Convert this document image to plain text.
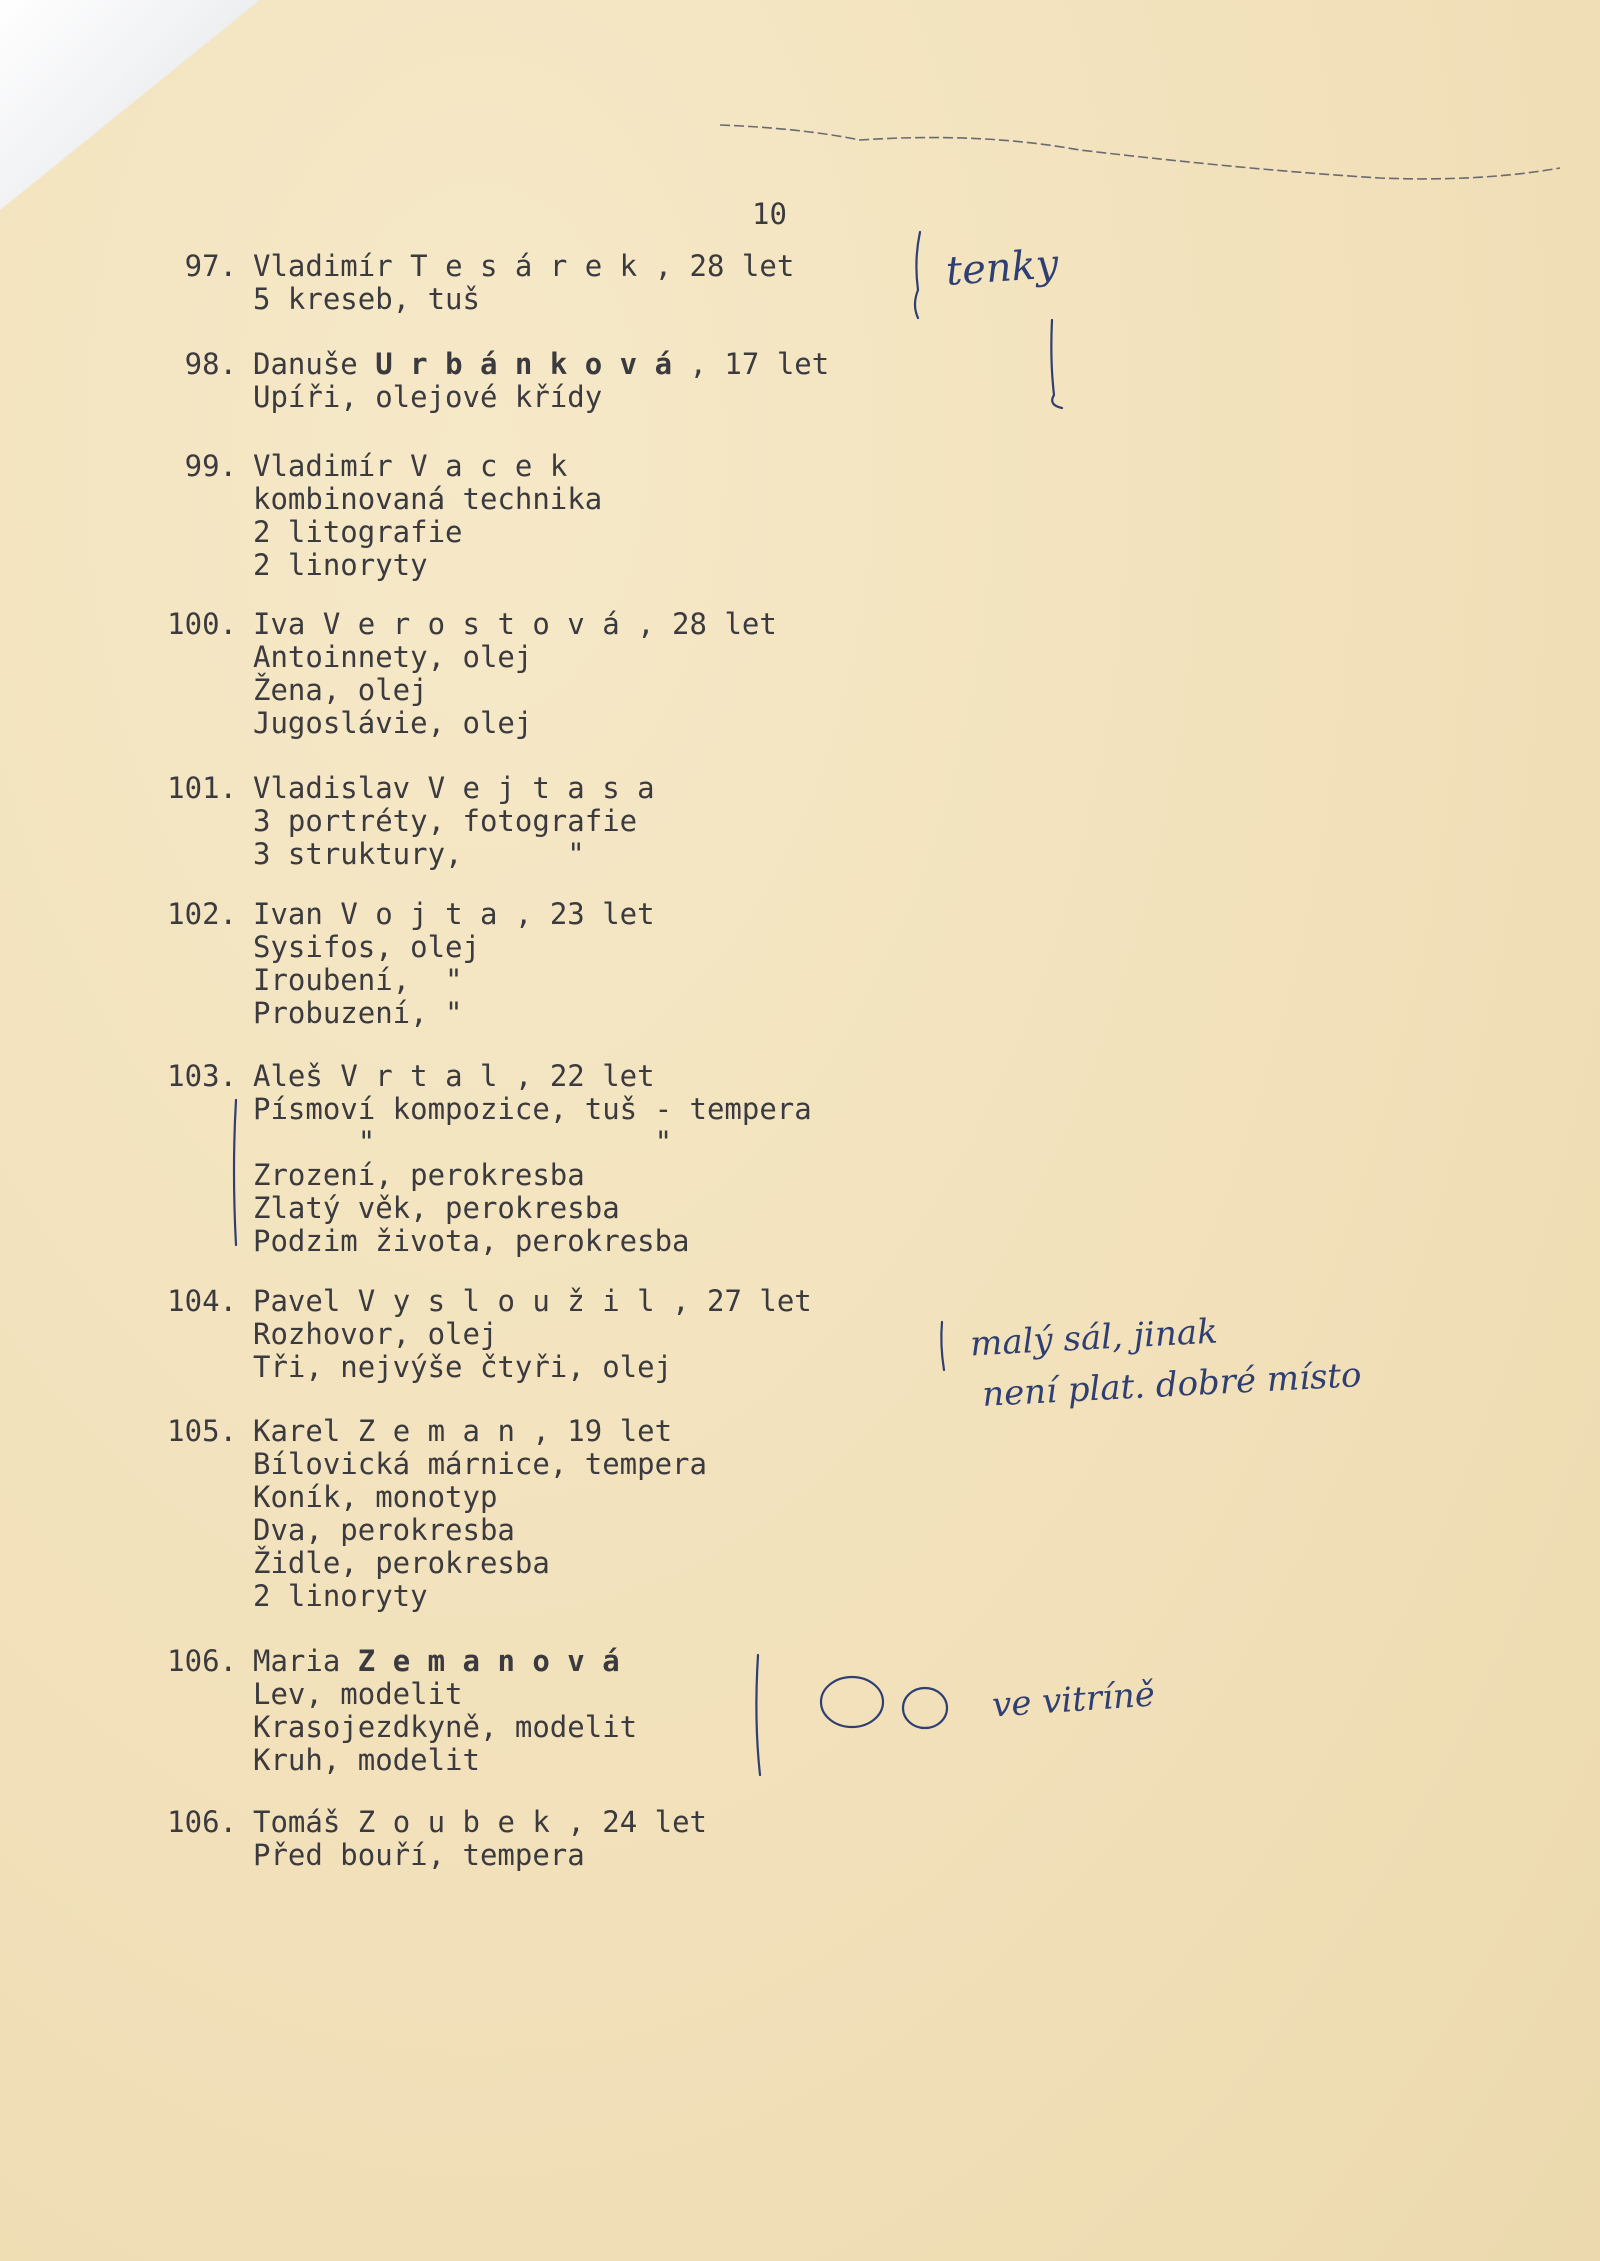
10
97. Vladimír T e s á r e k , 28 let
5 kreseb, tuš
98. Danuše U r b á n k o v á , 17 let
Upíři, olejové křídy
99. Vladimír V a c e k
kombinovaná technika
2 litografie
2 linoryty
100. Iva V e r o s t o v á , 28 let
Antoinnety, olej
Žena, olej
Jugoslávie, olej
101. Vladislav V e j t a s a
3 portréty, fotografie
3 struktury,      "
102. Ivan V o j t a , 23 let
Sysifos, olej
Iroubení,  "
Probuzení, "
103. Aleš V r t a l , 22 let
Písmoví kompozice, tuš - tempera
"                "
Zrození, perokresba
Zlatý věk, perokresba
Podzim života, perokresba
104. Pavel V y s l o u ž i l , 27 let
Rozhovor, olej
Tři, nejvýše čtyři, olej
105. Karel Z e m a n , 19 let
Bílovická márnice, tempera
Koník, monotyp
Dva, perokresba
Židle, perokresba
2 linoryty
106. Maria Z e m a n o v á
Lev, modelit
Krasojezdkyně, modelit
Kruh, modelit
106. Tomáš Z o u b e k , 24 let
Před bouří, tempera
tenky
malý sál, jinak
není plat. dobré místo
ve vitríně
